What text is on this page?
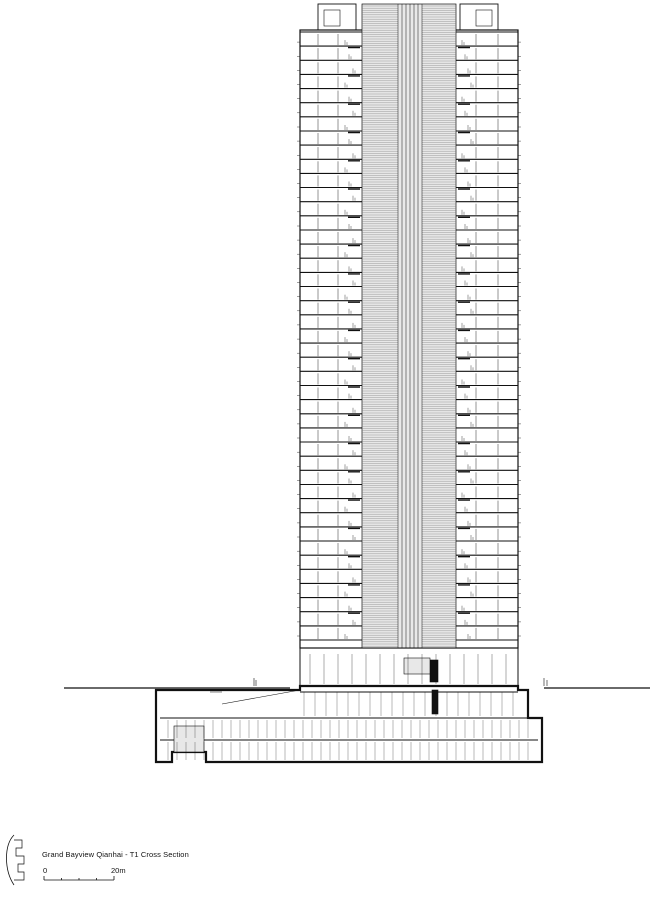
Grand Bayview Qianhai - T1 Cross Section
0	20m
